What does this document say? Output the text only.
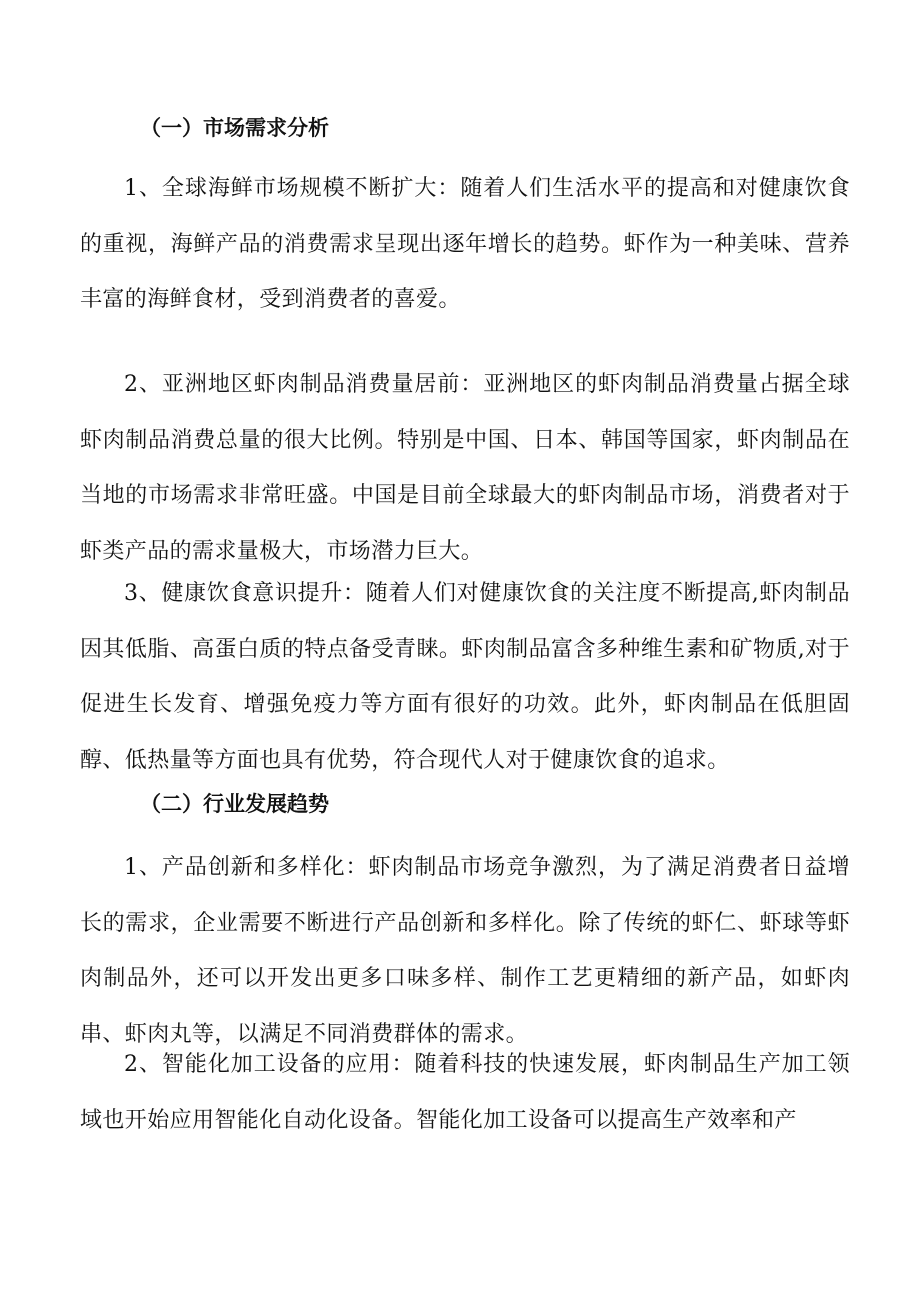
（一）市场需求分析

1、全球海鲜市场规模不断扩大：随着人们生活水平的提高和对健康饮食的重视，海鲜产品的消费需求呈现出逐年增长的趋势。虾作为一种美味、营养丰富的海鲜食材，受到消费者的喜爱。

2、亚洲地区虾肉制品消费量居前：亚洲地区的虾肉制品消费量占据全球虾肉制品消费总量的很大比例。特别是中国、日本、韩国等国家，虾肉制品在当地的市场需求非常旺盛。中国是目前全球最大的虾肉制品市场，消费者对于虾类产品的需求量极大，市场潜力巨大。

3、健康饮食意识提升：随着人们对健康饮食的关注度不断提高,虾肉制品因其低脂、高蛋白质的特点备受青睐。虾肉制品富含多种维生素和矿物质,对于促进生长发育、增强免疫力等方面有很好的功效。此外，虾肉制品在低胆固醇、低热量等方面也具有优势，符合现代人对于健康饮食的追求。

（二）行业发展趋势

1、产品创新和多样化：虾肉制品市场竞争激烈，为了满足消费者日益增长的需求，企业需要不断进行产品创新和多样化。除了传统的虾仁、虾球等虾肉制品外，还可以开发出更多口味多样、制作工艺更精细的新产品，如虾肉串、虾肉丸等，以满足不同消费群体的需求。

2、智能化加工设备的应用：随着科技的快速发展，虾肉制品生产加工领域也开始应用智能化自动化设备。智能化加工设备可以提高生产效率和产
